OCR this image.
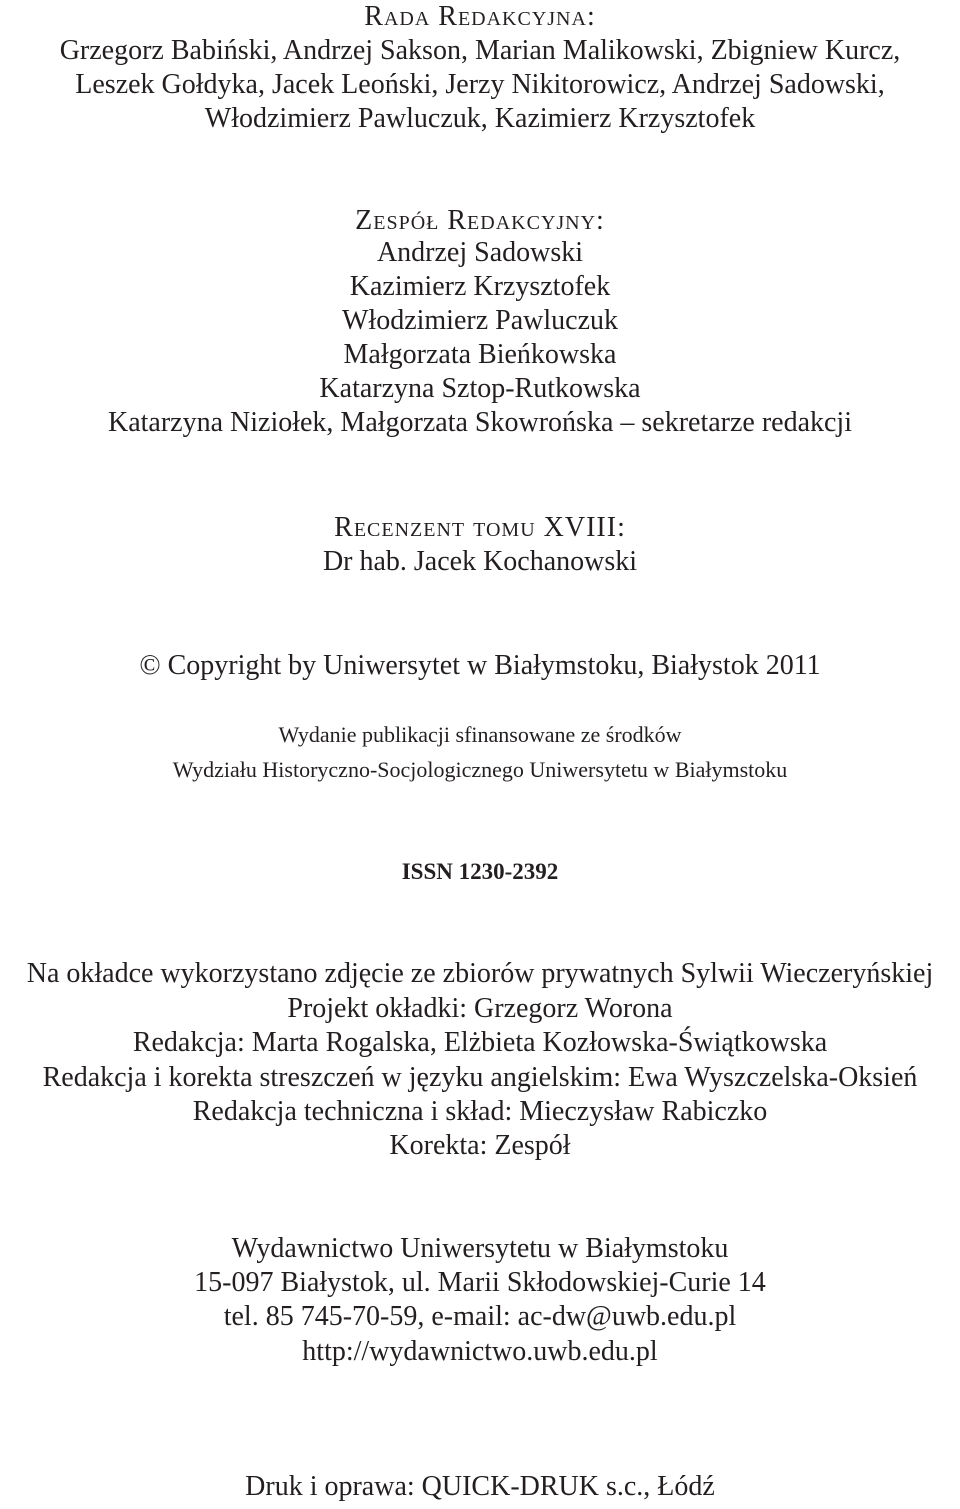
Rada Redakcyjna:
Grzegorz Babiński, Andrzej Sakson, Marian Malikowski, Zbigniew Kurcz,
Leszek Gołdyka, Jacek Leoński, Jerzy Nikitorowicz, Andrzej Sadowski,
Włodzimierz Pawluczuk, Kazimierz Krzysztofek
Zespół Redakcyjny:
Andrzej Sadowski
Kazimierz Krzysztofek
Włodzimierz Pawluczuk
Małgorzata Bieńkowska
Katarzyna Sztop-Rutkowska
Katarzyna Niziołek, Małgorzata Skowrońska – sekretarze redakcji
Recenzent tomu XVIII:
Dr hab. Jacek Kochanowski
© Copyright by Uniwersytet w Białymstoku, Białystok 2011
Wydanie publikacji sfinansowane ze środków
Wydziału Historyczno-Socjologicznego Uniwersytetu w Białymstoku
ISSN 1230-2392
Na okładce wykorzystano zdjęcie ze zbiorów prywatnych Sylwii Wieczeryńskiej
Projekt okładki: Grzegorz Worona
Redakcja: Marta Rogalska, Elżbieta Kozłowska-Świątkowska
Redakcja i korekta streszczeń w języku angielskim: Ewa Wyszczelska-Oksień
Redakcja techniczna i skład: Mieczysław Rabiczko
Korekta: Zespół
Wydawnictwo Uniwersytetu w Białymstoku
15-097 Białystok, ul. Marii Skłodowskiej-Curie 14
tel. 85 745-70-59, e-mail: ac-dw@uwb.edu.pl
http://wydawnictwo.uwb.edu.pl
Druk i oprawa: QUICK-DRUK s.c., Łódź
